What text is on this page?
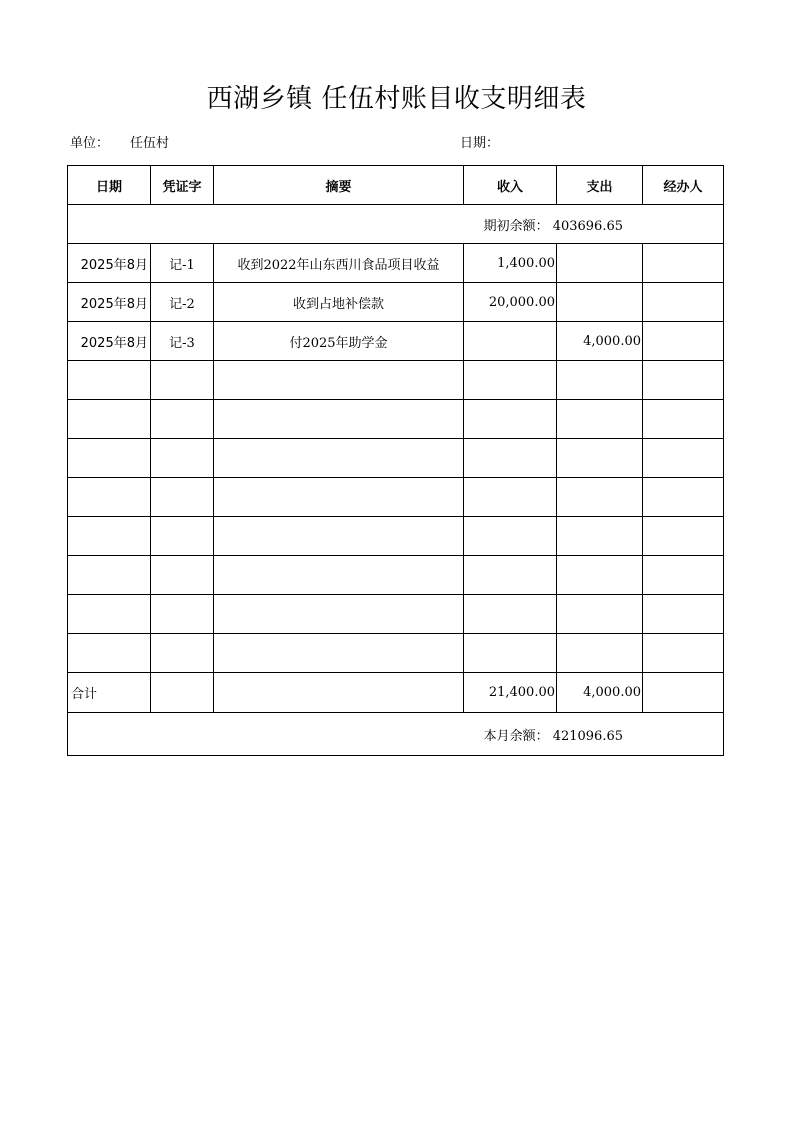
西湖乡镇 任伍村账目收支明细表
单位： 任伍村	日期：
日期	凭证字	摘要	收入	支出	经办人
期初余额： 403696.65					
2025年8月	记-1	收到2022年山东西川食品项目收益	1,400.00		
2025年8月	记-2	收到占地补偿款	20,000.00		
2025年8月	记-3	付2025年助学金		4,000.00	

合计			21,400.00	4,000.00	
本月余额： 421096.65					
